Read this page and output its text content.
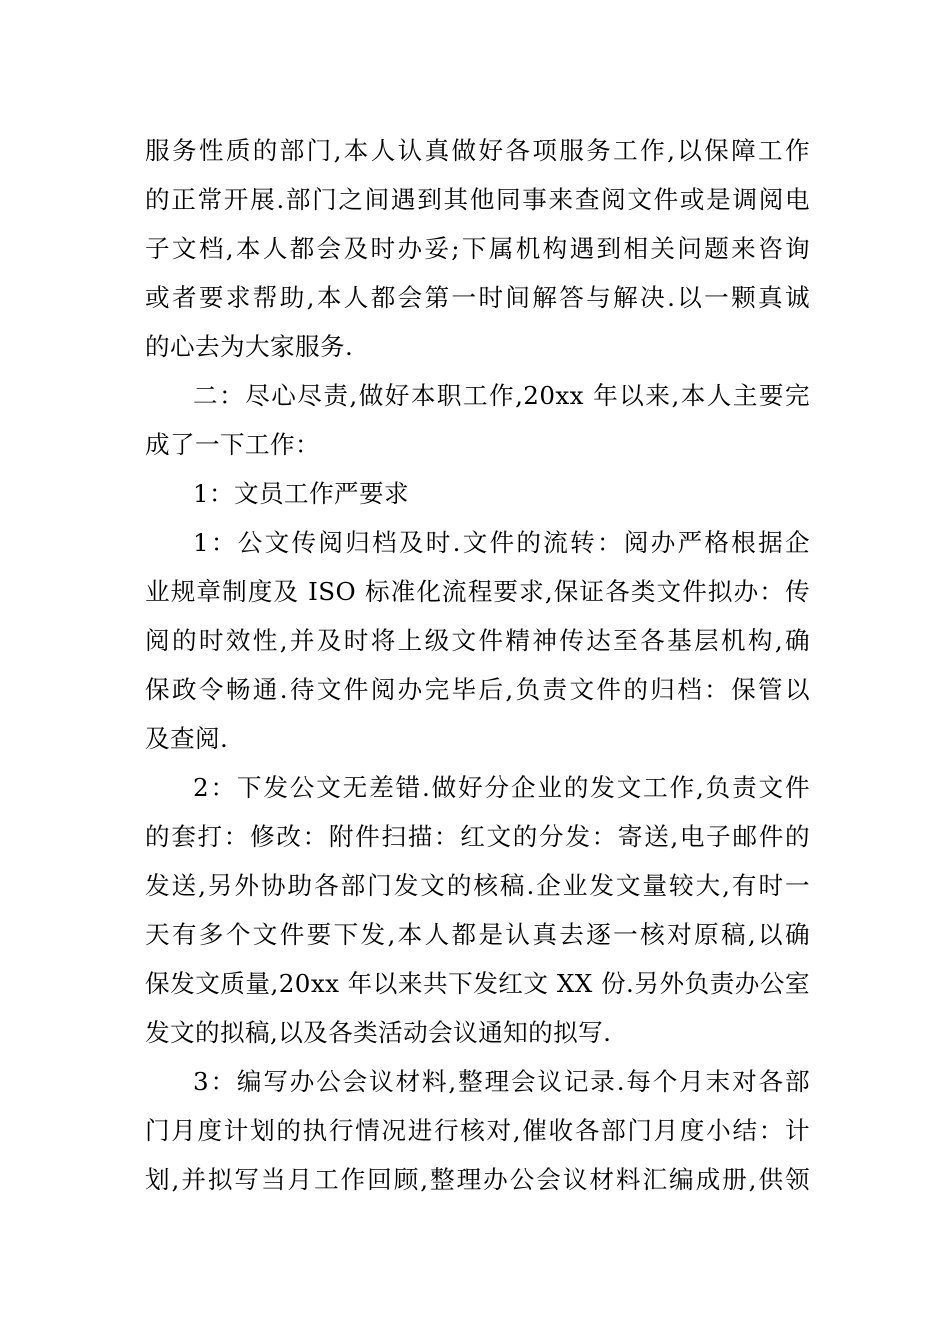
服务性质的部门,本人认真做好各项服务工作,以保障工作
的正常开展.部门之间遇到其他同事来查阅文件或是调阅电
子文档,本人都会及时办妥;下属机构遇到相关问题来咨询
或者要求帮助,本人都会第一时间解答与解决.以一颗真诚
的心去为大家服务.
二：尽心尽责,做好本职工作,20xx 年以来,本人主要完
成了一下工作：
1：文员工作严要求
1：公文传阅归档及时.文件的流转：阅办严格根据企
业规章制度及 ISO 标准化流程要求,保证各类文件拟办：传
阅的时效性,并及时将上级文件精神传达至各基层机构,确
保政令畅通.待文件阅办完毕后,负责文件的归档：保管以
及查阅.
2：下发公文无差错.做好分企业的发文工作,负责文件
的套打：修改：附件扫描：红文的分发：寄送,电子邮件的
发送,另外协助各部门发文的核稿.企业发文量较大,有时一
天有多个文件要下发,本人都是认真去逐一核对原稿,以确
保发文质量,20xx 年以来共下发红文 XX 份.另外负责办公室
发文的拟稿,以及各类活动会议通知的拟写.
3：编写办公会议材料,整理会议记录.每个月末对各部
门月度计划的执行情况进行核对,催收各部门月度小结：计
划,并拟写当月工作回顾,整理办公会议材料汇编成册,供领
